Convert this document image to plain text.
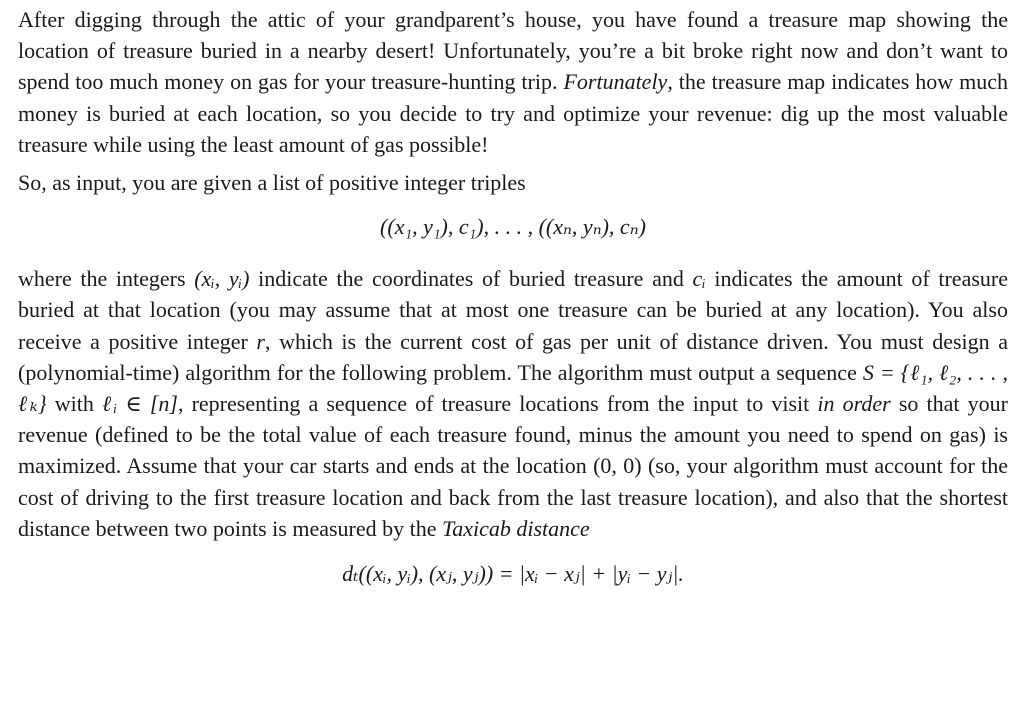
After digging through the attic of your grandparent’s house, you have found a treasure map showing the location of treasure buried in a nearby desert! Unfortunately, you’re a bit broke right now and don’t want to spend too much money on gas for your treasure-hunting trip. Fortunately, the treasure map indicates how much money is buried at each location, so you decide to try and optimize your revenue: dig up the most valuable treasure while using the least amount of gas possible!

So, as input, you are given a list of positive integer triples

((x₁, y₁), c₁), . . . , ((xₙ, yₙ), cₙ)

where the integers (xᵢ, yᵢ) indicate the coordinates of buried treasure and cᵢ indicates the amount of treasure buried at that location (you may assume that at most one treasure can be buried at any location). You also receive a positive integer r, which is the current cost of gas per unit of distance driven. You must design a (polynomial-time) algorithm for the following problem. The algorithm must output a sequence S = {ℓ₁, ℓ₂, . . . , ℓₖ} with ℓᵢ ∈ [n], representing a sequence of treasure locations from the input to visit in order so that your revenue (defined to be the total value of each treasure found, minus the amount you need to spend on gas) is maximized. Assume that your car starts and ends at the location (0, 0) (so, your algorithm must account for the cost of driving to the first treasure location and back from the last treasure location), and also that the shortest distance between two points is measured by the Taxicab distance

dₜ((xᵢ, yᵢ), (xⱼ, yⱼ)) = |xᵢ − xⱼ| + |yᵢ − yⱼ|.
